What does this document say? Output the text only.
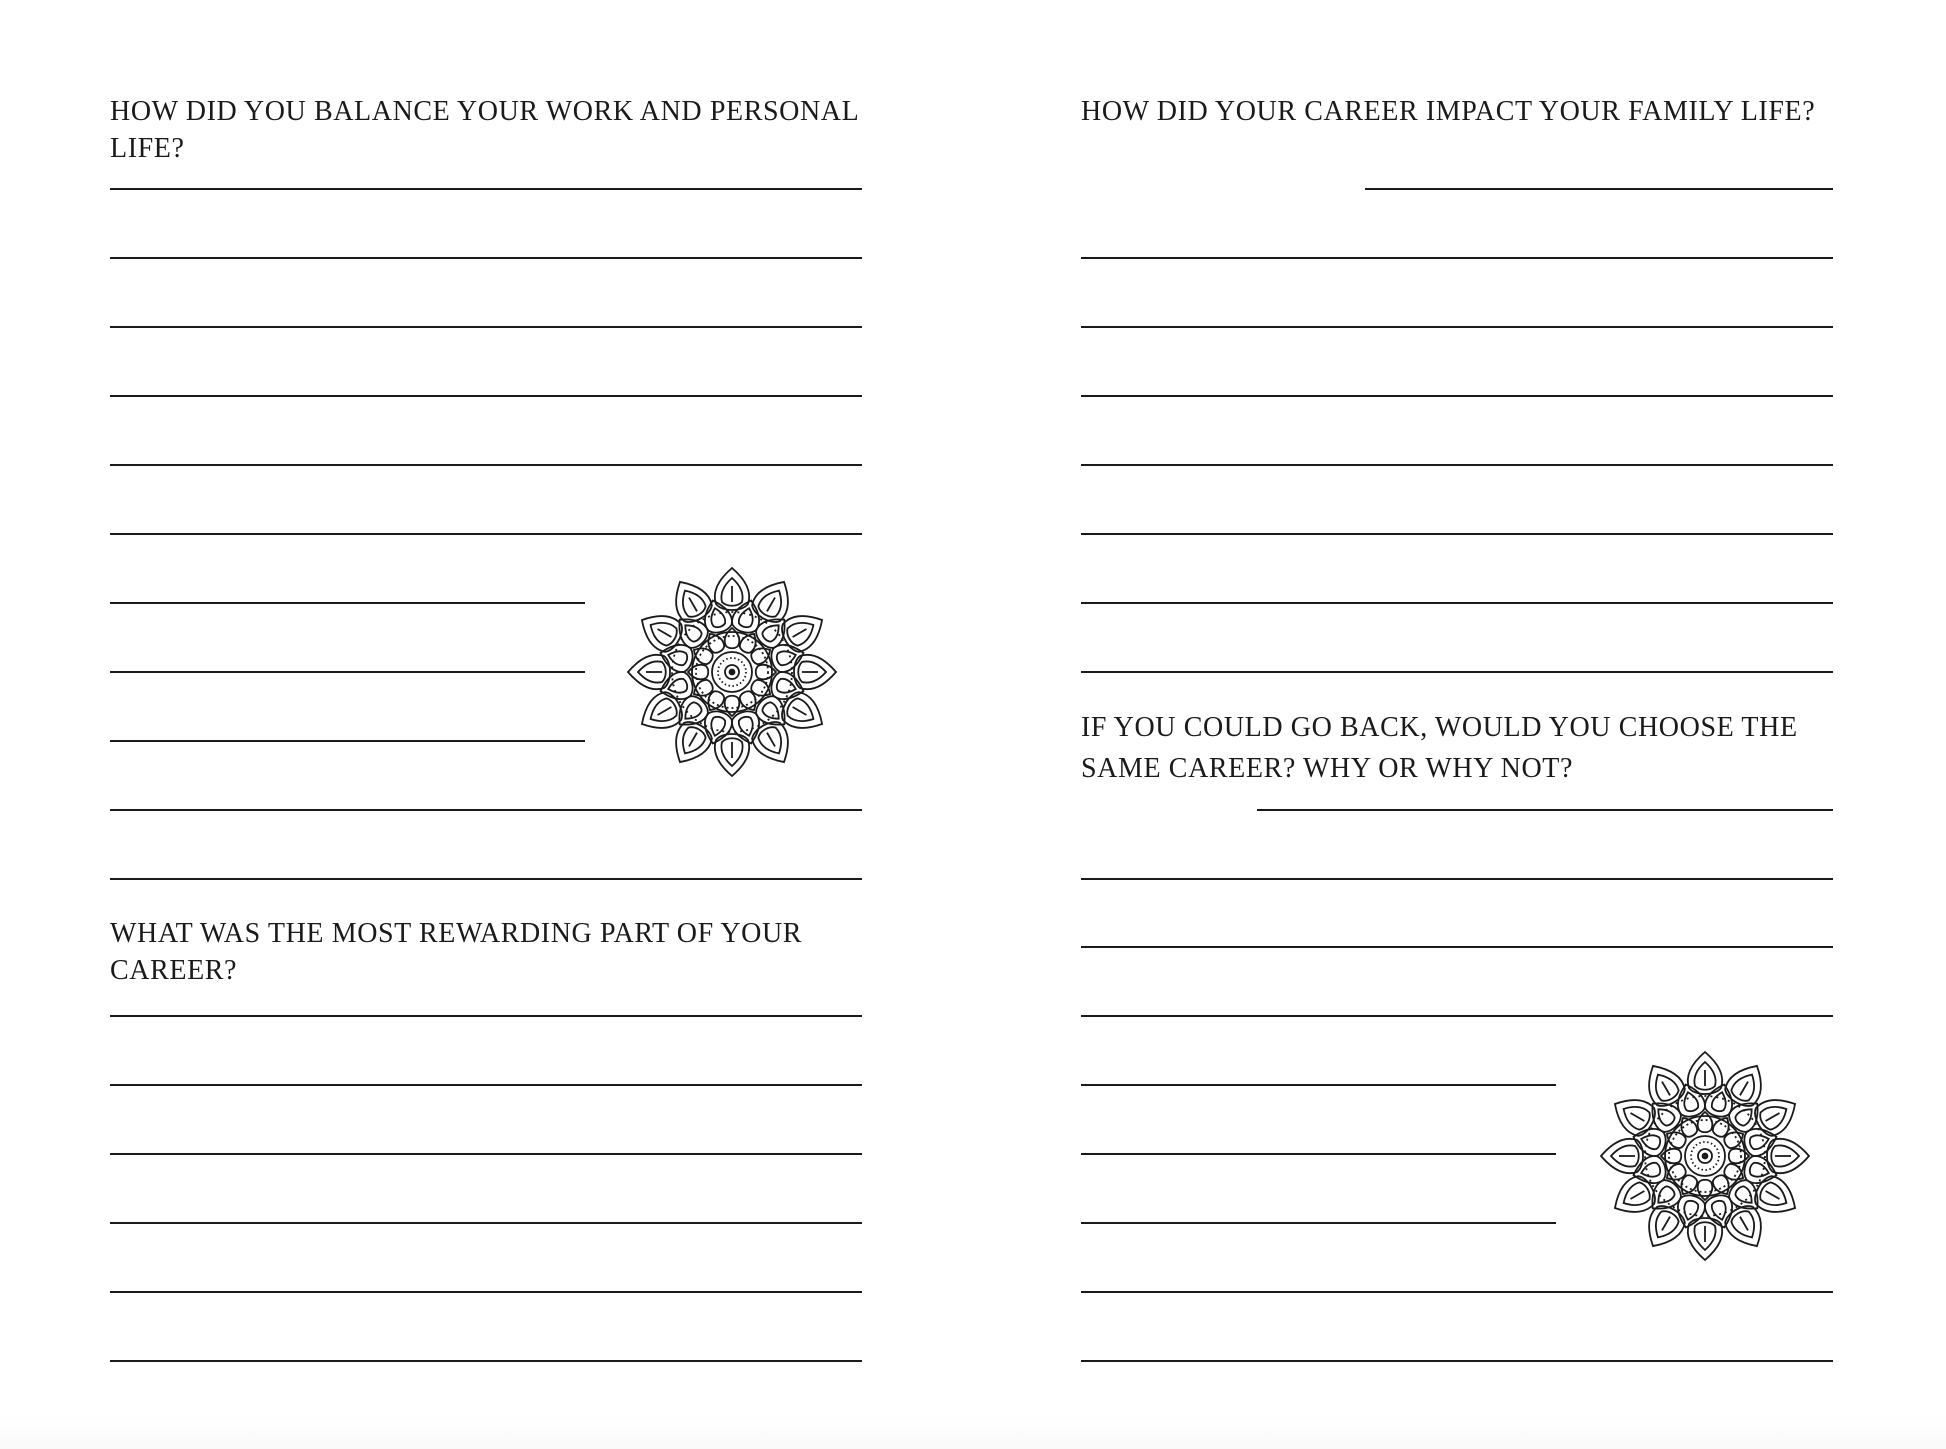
HOW DID YOU BALANCE YOUR WORK AND PERSONAL LIFE?
WHAT WAS THE MOST REWARDING PART OF YOUR CAREER?
HOW DID YOUR CAREER IMPACT YOUR FAMILY LIFE?
IF YOU COULD GO BACK, WOULD YOU CHOOSE THE SAME CAREER? WHY OR WHY NOT?
